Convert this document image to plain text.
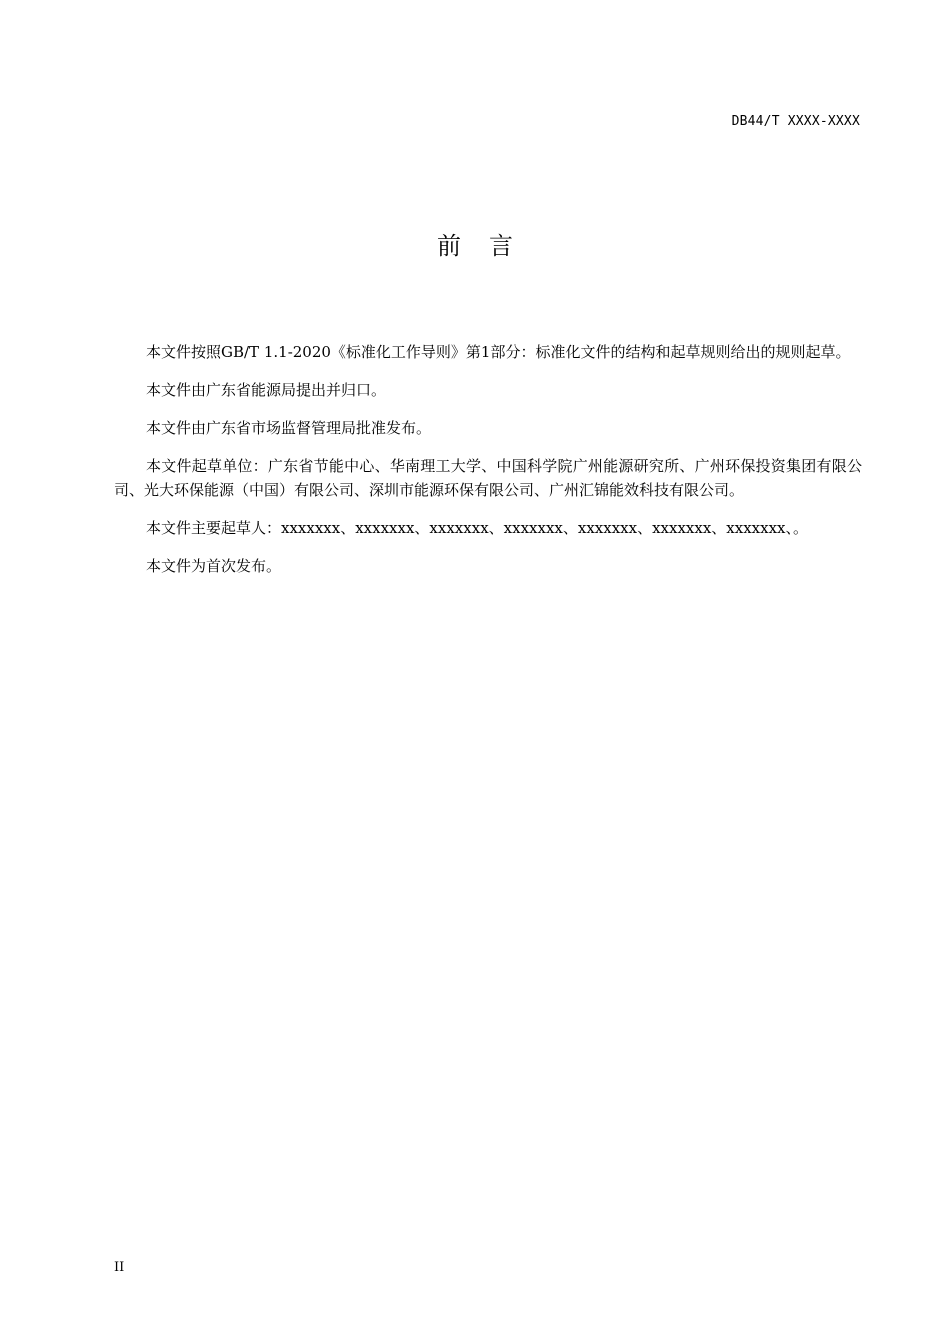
DB44/T XXXX-XXXX
前言

本文件按照GB/T 1.1-2020《标准化工作导则》第1部分：标准化文件的结构和起草规则给出的规则起草。

本文件由广东省能源局提出并归口。

本文件由广东省市场监督管理局批准发布。

本文件起草单位：广东省节能中心、华南理工大学、中国科学院广州能源研究所、广州环保投资集团有限公司、光大环保能源（中国）有限公司、深圳市能源环保有限公司、广州汇锦能效科技有限公司。

本文件主要起草人：xxxxxxx、xxxxxxx、xxxxxxx、xxxxxxx、xxxxxxx、xxxxxxx、xxxxxxx、。

本文件为首次发布。

II
